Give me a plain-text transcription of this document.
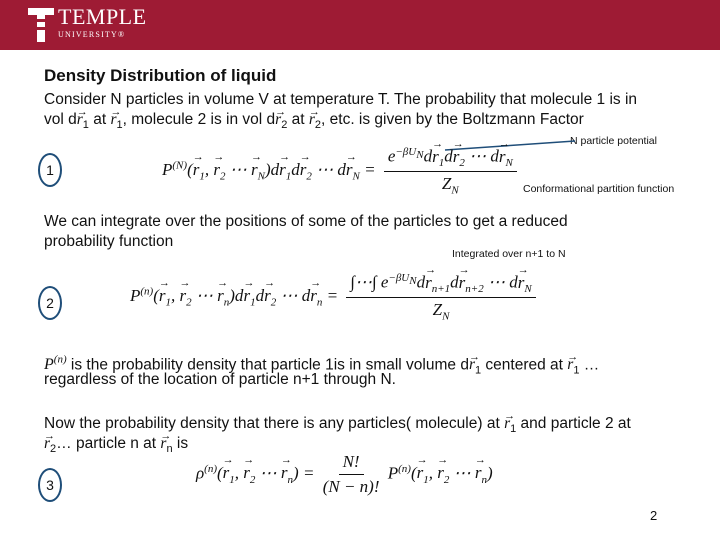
TEMPLE
UNIVERSITY®
Density Distribution of liquid
Consider N particles in volume V at temperature T. The probability that molecule 1 is in
vol $d\to r_1$ at → $r_1$, molecule 2 is in vol $d\to r_2$ at → $r_2$, etc. is given by the Boltzmann Factor
N particle potential
1	$P^{(N)}(\to r_1$, → $r_2$ ⋯ → $r_N)d\to r_1d\to r_2$ ⋯ $d\to r_N = \frac{e^{-\beta U_N}d\to r_1d\to r_2 \cdots d\to r_N}{Z_N}$ Conformational partition function
We can integrate over the positions of some of the particles to get a reduced
probability function
Integrated over n+1 to N
2	$P^{(n)}(\to r_1$, → $r_2$ ⋯ → $r_n)d\to r_1d\to r_2$ ⋯ $d\to r_n = \frac{\int\cdots\int e^{-\beta U_N}d\to r_{n+1}d\to r_{n+2} \cdots d\to r_N}{Z_N}$
$P^{(n)}$ is the probability density that particle 1is in small volume $d\to r_1$ centered at → $r_1$ …
regardless of the location of particle n+1 through N.
Now the probability density that there is any particles( molecule) at → $r_1$ and particle 2 at
→ $r_2\dots$ particle n at → $r_n$ is
3
$\rho^{(n)}(\to r_1$, → $r_2$ ⋯ → $r_n) = \frac{N!}{(N - n)!} P^{(n)}(\to r_1$, → $r_2$ ⋯ → $r_n$)
2
